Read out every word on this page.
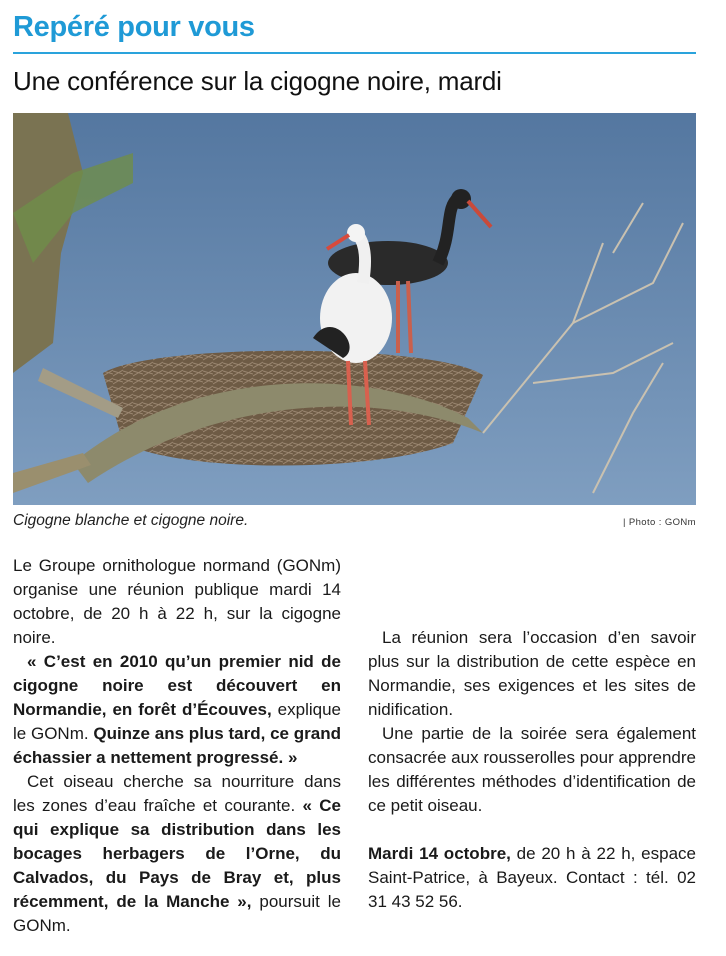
Repéré pour vous
Une conférence sur la cigogne noire, mardi
Cigogne blanche et cigogne noire.	| Photo : GONm

Le Groupe ornithologue normand (GONm) organise une réunion publique mardi 14 octobre, de 20 h à 22 h, sur la cigogne noire.

« C’est en 2010 qu’un premier nid de cigogne noire est découvert en Normandie, en forêt d’Écouves, explique le GONm. Quinze ans plus tard, ce grand échassier a nettement progressé. »

Cet oiseau cherche sa nourriture dans les zones d’eau fraîche et courante. « Ce qui explique sa distribution dans les bocages herbagers de l’Orne, du Calvados, du Pays de Bray et, plus récemment, de la Manche », poursuit le GONm.

La réunion sera l’occasion d’en savoir plus sur la distribution de cette espèce en Normandie, ses exigences et les sites de nidification.

Une partie de la soirée sera également consacrée aux rousserolles pour apprendre les différentes méthodes d’identification de ce petit oiseau.

Mardi 14 octobre, de 20 h à 22 h, espace Saint-Patrice, à Bayeux. Contact : tél. 02 31 43 52 56.
